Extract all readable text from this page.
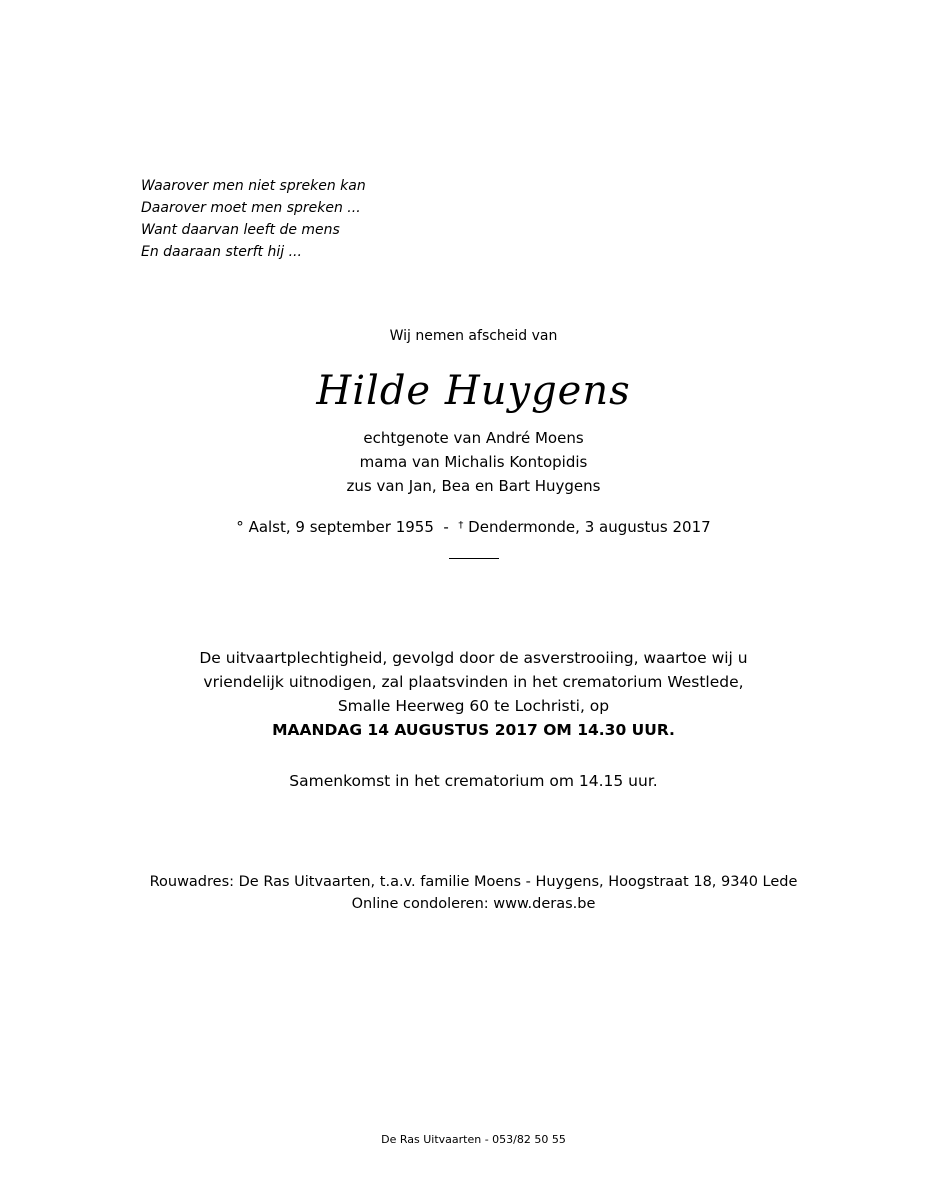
Waarover men niet spreken kan
Daarover moet men spreken ...
Want daarvan leeft de mens
En daaraan sterft hij ...
Wij nemen afscheid van
Hilde Huygens
echtgenote van André Moens
mama van Michalis Kontopidis
zus van Jan, Bea en Bart Huygens
° Aalst, 9 september 1955 - † Dendermonde, 3 augustus 2017
De uitvaartplechtigheid, gevolgd door de asverstrooiing, waartoe wij u
vriendelijk uitnodigen, zal plaatsvinden in het crematorium Westlede,
Smalle Heerweg 60 te Lochristi, op
MAANDAG 14 AUGUSTUS 2017 OM 14.30 UUR.
Samenkomst in het crematorium om 14.15 uur.
Rouwadres: De Ras Uitvaarten, t.a.v. familie Moens - Huygens, Hoogstraat 18, 9340 Lede
Online condoleren: www.deras.be
De Ras Uitvaarten - 053/82 50 55
